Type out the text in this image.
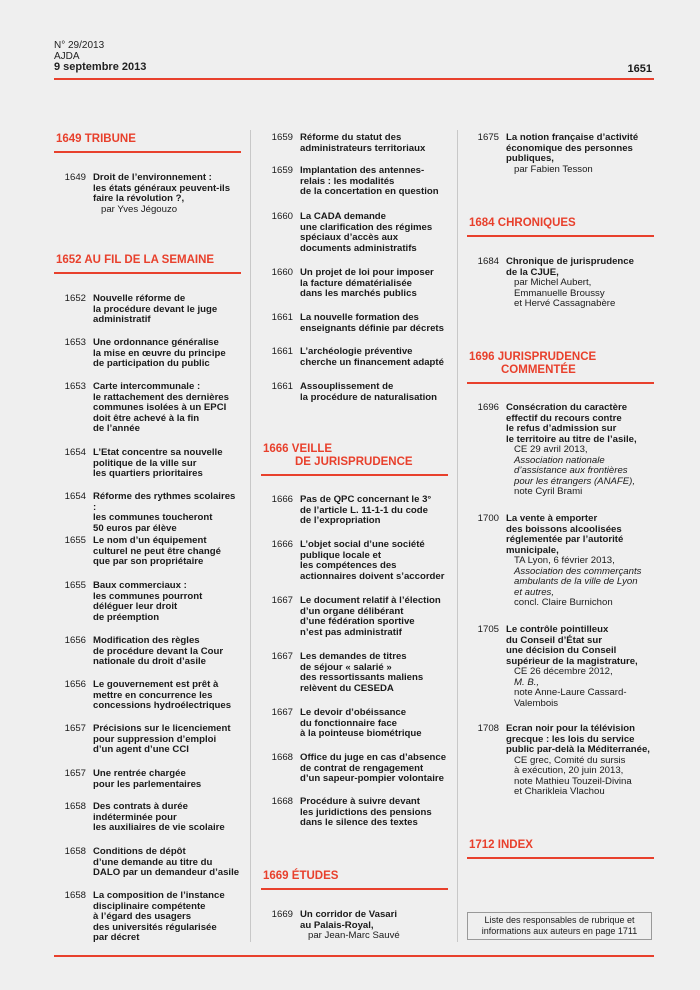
N° 29/2013
AJDA
9 septembre 2013	1651
1649 TRIBUNE
1649 Droit de l’environnement :
les états généraux peuvent-ils
faire la révolution ?,
par Yves Jégouzo
1652 AU FIL DE LA SEMAINE
1652 Nouvelle réforme de
la procédure devant le juge
administratif
1653 Une ordonnance généralise
la mise en œuvre du principe
de participation du public
1653 Carte intercommunale :
le rattachement des dernières
communes isolées à un EPCI
doit être achevé à la fin
de l’année
1654 L’Etat concentre sa nouvelle
politique de la ville sur
les quartiers prioritaires
1654 Réforme des rythmes scolaires :
les communes toucheront
50 euros par élève
1655 Le nom d’un équipement
culturel ne peut être changé
que par son propriétaire
1655 Baux commerciaux :
les communes pourront
déléguer leur droit
de préemption
1656 Modification des règles
de procédure devant la Cour
nationale du droit d’asile
1656 Le gouvernement est prêt à
mettre en concurrence les
concessions hydroélectriques
1657 Précisions sur le licenciement
pour suppression d’emploi
d’un agent d’une CCI
1657 Une rentrée chargée
pour les parlementaires
1658 Des contrats à durée
indéterminée pour
les auxiliaires de vie scolaire
1658 Conditions de dépôt
d’une demande au titre du
DALO par un demandeur d’asile
1658 La composition de l’instance
disciplinaire compétente
à l’égard des usagers
des universités régularisée
par décret
1659 Réforme du statut des
administrateurs territoriaux
1659 Implantation des antennes-
relais : les modalités
de la concertation en question
1660 La CADA demande
une clarification des régimes
spéciaux d’accès aux
documents administratifs
1660 Un projet de loi pour imposer
la facture dématérialisée
dans les marchés publics
1661 La nouvelle formation des
enseignants définie par décrets
1661 L’archéologie préventive
cherche un financement adapté
1661 Assouplissement de
la procédure de naturalisation
1666 VEILLE
DE JURISPRUDENCE
1666 Pas de QPC concernant le 3°
de l’article L. 11-1-1 du code
de l’expropriation
1666 L’objet social d’une société
publique locale et
les compétences des
actionnaires doivent s’accorder
1667 Le document relatif à l’élection
d’un organe délibérant
d’une fédération sportive
n’est pas administratif
1667 Les demandes de titres
de séjour « salarié »
des ressortissants maliens
relèvent du CESEDA
1667 Le devoir d’obéissance
du fonctionnaire face
à la pointeuse biométrique
1668 Office du juge en cas d’absence
de contrat de rengagement
d’un sapeur-pompier volontaire
1668 Procédure à suivre devant
les juridictions des pensions
dans le silence des textes
1669 ÉTUDES
1669 Un corridor de Vasari
au Palais-Royal,
par Jean-Marc Sauvé
1675 La notion française d’activité
économique des personnes
publiques,
par Fabien Tesson
1684 CHRONIQUES
1684 Chronique de jurisprudence
de la CJUE,
par Michel Aubert,
Emmanuelle Broussy
et Hervé Cassagnabère
1696 JURISPRUDENCE
COMMENTÉE
1696 Consécration du caractère
effectif du recours contre
le refus d’admission sur
le territoire au titre de l’asile,
CE 29 avril 2013,
Association nationale
d’assistance aux frontières
pour les étrangers (ANAFE),
note Cyril Brami
1700 La vente à emporter
des boissons alcoolisées
réglementée par l’autorité
municipale,
TA Lyon, 6 février 2013,
Association des commerçants
ambulants de la ville de Lyon
et autres,
concl. Claire Burnichon
1705 Le contrôle pointilleux
du Conseil d’État sur
une décision du Conseil
supérieur de la magistrature,
CE 26 décembre 2012,
M. B.,
note Anne-Laure Cassard-
Valembois
1708 Ecran noir pour la télévision
grecque : les lois du service
public par-delà la Méditerranée,
CE grec, Comité du sursis
à exécution, 20 juin 2013,
note Mathieu Touzeil-Divina
et Charikleia Vlachou
1712 INDEX
Liste des responsables de rubrique et
informations aux auteurs en page 1711
